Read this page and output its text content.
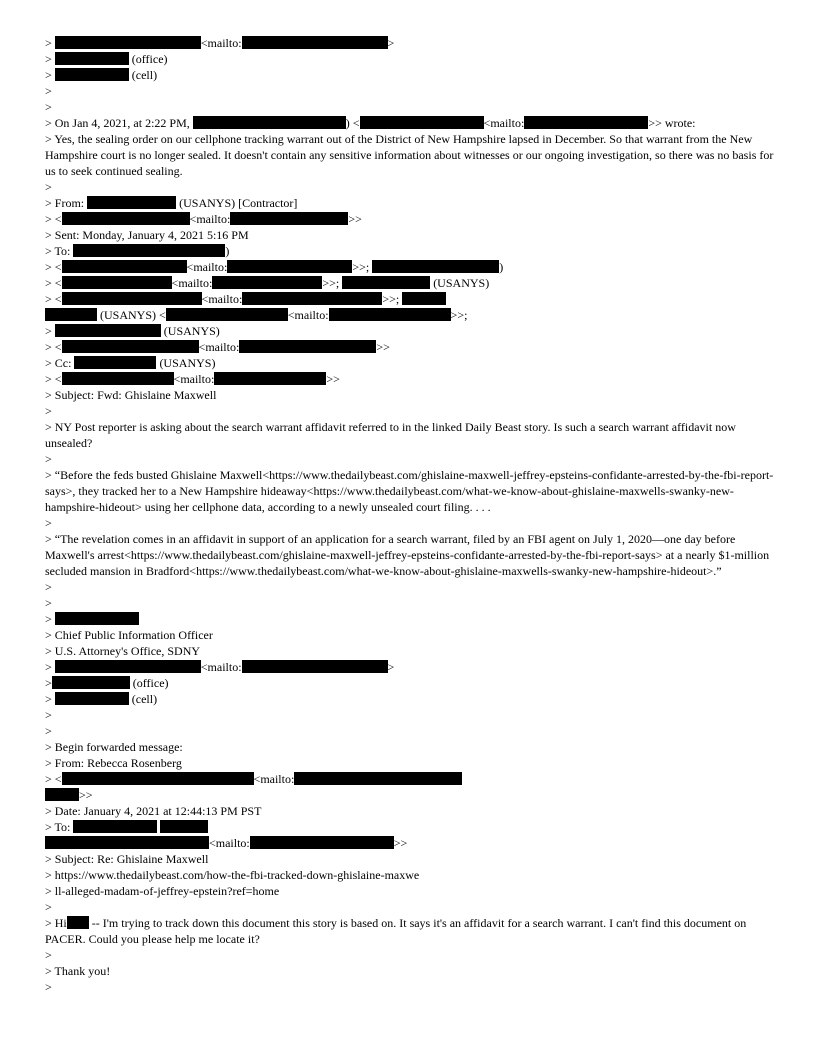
>	<mailto:	>
>	(office)
>	(cell)
>
>
> On Jan 4, 2021, at 2:22 PM,	) <	<mailto:	>> wrote:
> Yes, the sealing order on our cellphone tracking warrant out of the District of New Hampshire lapsed in December. So that warrant from the New Hampshire court is no longer sealed. It doesn't contain any sensitive information about witnesses or our ongoing investigation, so there was no basis for us to seek continued sealing.
>
> From:	(USANYS) [Contractor]
> <	<mailto:	>>
> Sent: Monday, January 4, 2021 5:16 PM
> To:	)
> <	<mailto:	>>;	)
> <	<mailto:	>>;	(USANYS)
> <	<mailto:	>>;
(USANYS) <	<mailto:	>>;
>	(USANYS)
> <	<mailto:	>>
> Cc:	(USANYS)
> <	<mailto:	>>
> Subject: Fwd: Ghislaine Maxwell
>
> NY Post reporter is asking about the search warrant affidavit referred to in the linked Daily Beast story. Is such a search warrant affidavit now unsealed?
>
> “Before the feds busted Ghislaine Maxwell<https://www.thedailybeast.com/ghislaine-maxwell-jeffrey-epsteins-confidante-arrested-by-the-fbi-report-says>, they tracked her to a New Hampshire hideaway<https://www.thedailybeast.com/what-we-know-about-ghislaine-maxwells-swanky-new-hampshire-hideout> using her cellphone data, according to a newly unsealed court filing. . . .
>
> “The revelation comes in an affidavit in support of an application for a search warrant, filed by an FBI agent on July 1, 2020—one day before Maxwell's arrest<https://www.thedailybeast.com/ghislaine-maxwell-jeffrey-epsteins-confidante-arrested-by-the-fbi-report-says> at a nearly $1-million secluded mansion in Bradford<https://www.thedailybeast.com/what-we-know-about-ghislaine-maxwells-swanky-new-hampshire-hideout>.”
>
>
>
> Chief Public Information Officer
> U.S. Attorney's Office, SDNY
>	<mailto:	>
>	(office)
>	(cell)
>
>
> Begin forwarded message:
> From: Rebecca Rosenberg
> <	<mailto:
>>
> Date: January 4, 2021 at 12:44:13 PM PST
> To:
<mailto:	>>
> Subject: Re: Ghislaine Maxwell
> https://www.thedailybeast.com/how-the-fbi-tracked-down-ghislaine-maxwe
> ll-alleged-madam-of-jeffrey-epstein?ref=home
>
> Hi -- I'm trying to track down this document this story is based on. It says it's an affidavit for a search warrant. I can't find this document on PACER. Could you please help me locate it?
>
> Thank you!
>
